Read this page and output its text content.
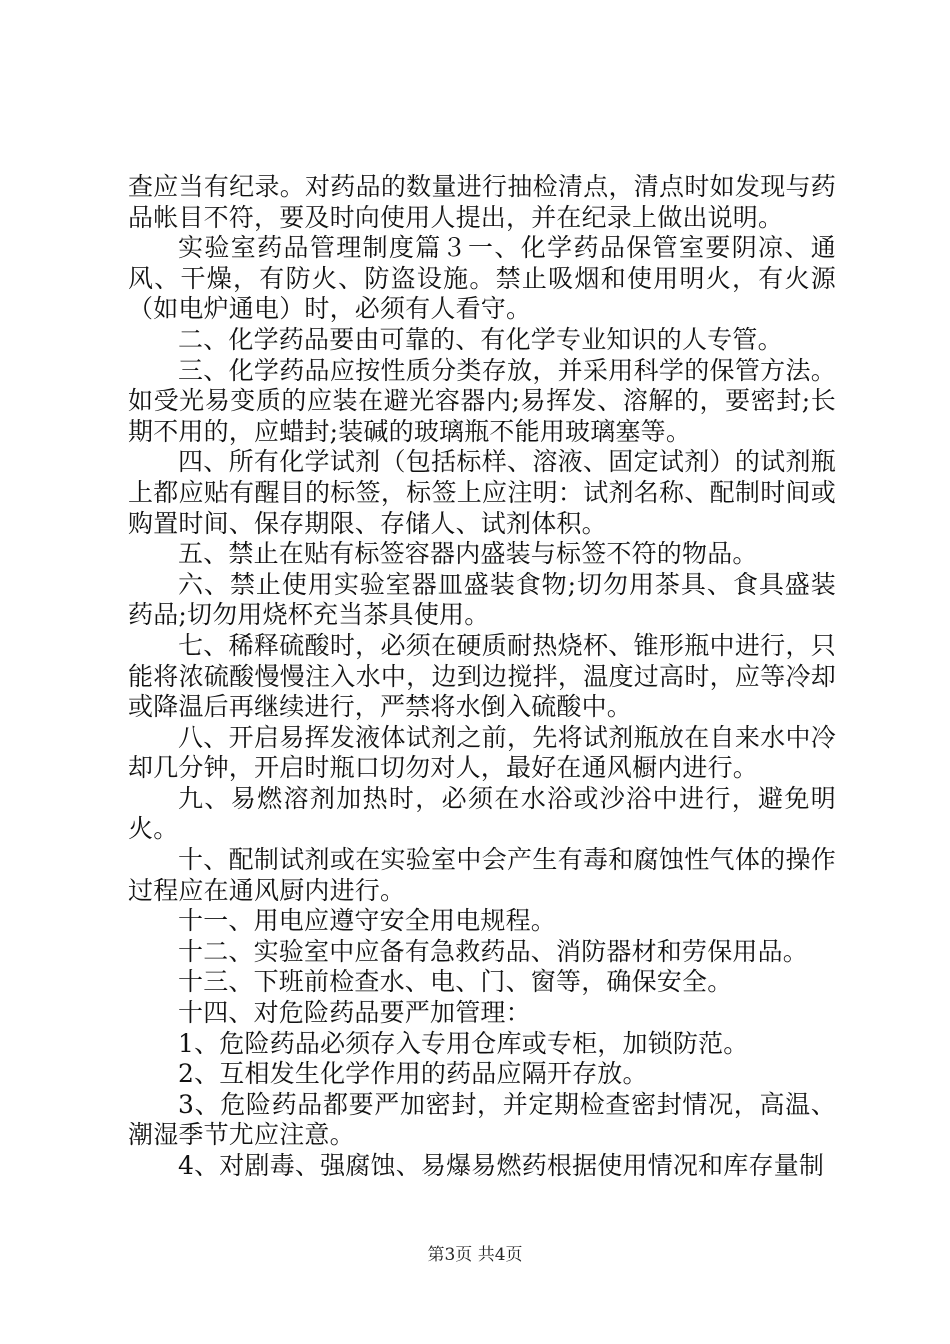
查应当有纪录。对药品的数量进行抽检清点，清点时如发现与药品帐目不符，要及时向使用人提出，并在纪录上做出说明。

实验室药品管理制度篇３一、化学药品保管室要阴凉、通风、干燥，有防火、防盗设施。禁止吸烟和使用明火，有火源（如电炉通电）时，必须有人看守。

二、化学药品要由可靠的、有化学专业知识的人专管。

三、化学药品应按性质分类存放，并采用科学的保管方法。如受光易变质的应装在避光容器内;易挥发、溶解的，要密封;长期不用的，应蜡封;装碱的玻璃瓶不能用玻璃塞等。

四、所有化学试剂（包括标样、溶液、固定试剂）的试剂瓶上都应贴有醒目的标签，标签上应注明：试剂名称、配制时间或购置时间、保存期限、存储人、试剂体积。

五、禁止在贴有标签容器内盛装与标签不符的物品。

六、禁止使用实验室器皿盛装食物;切勿用茶具、食具盛装药品;切勿用烧杯充当茶具使用。

七、稀释硫酸时，必须在硬质耐热烧杯、锥形瓶中进行，只能将浓硫酸慢慢注入水中，边到边搅拌，温度过高时，应等冷却或降温后再继续进行，严禁将水倒入硫酸中。

八、开启易挥发液体试剂之前，先将试剂瓶放在自来水中冷却几分钟，开启时瓶口切勿对人，最好在通风橱内进行。

九、易燃溶剂加热时，必须在水浴或沙浴中进行，避免明火。

十、配制试剂或在实验室中会产生有毒和腐蚀性气体的操作过程应在通风厨内进行。

十一、用电应遵守安全用电规程。

十二、实验室中应备有急救药品、消防器材和劳保用品。

十三、下班前检查水、电、门、窗等，确保安全。

十四、对危险药品要严加管理：

1、危险药品必须存入专用仓库或专柜，加锁防范。

2、互相发生化学作用的药品应隔开存放。

3、危险药品都要严加密封，并定期检查密封情况，高温、潮湿季节尤应注意。

4、对剧毒、强腐蚀、易爆易燃药根据使用情况和库存量制

第3页 共4页
